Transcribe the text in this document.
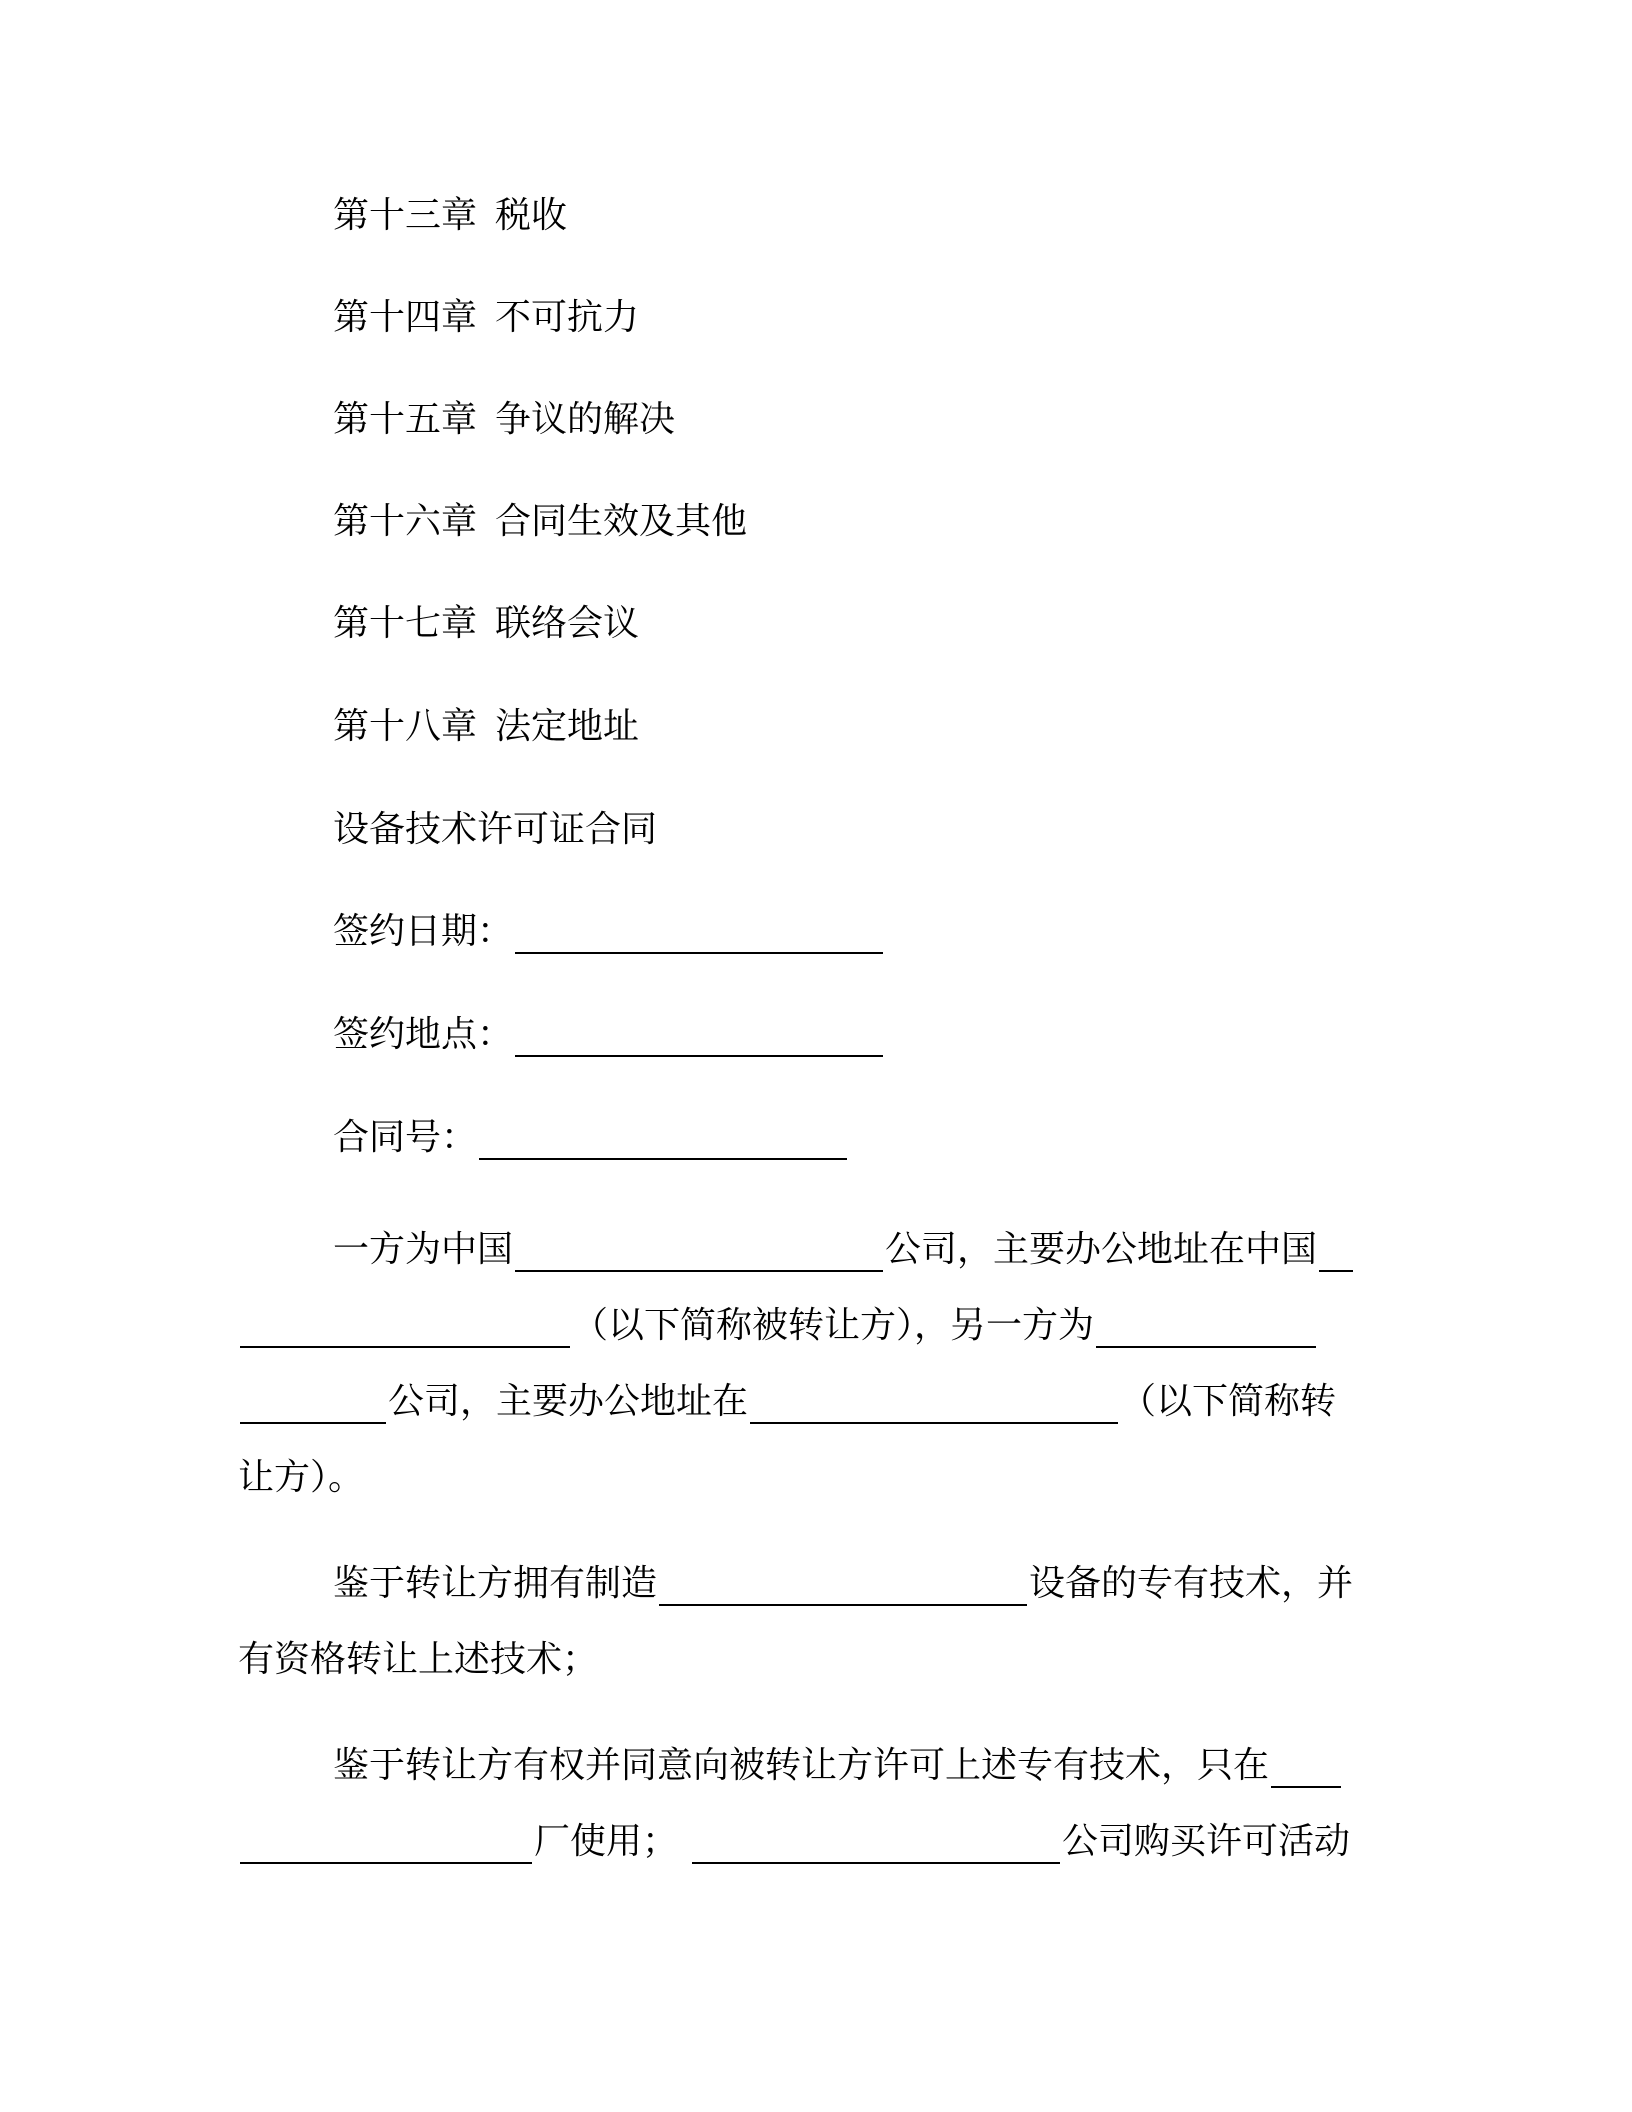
第十三章 税收
第十四章 不可抗力
第十五章 争议的解决
第十六章 合同生效及其他
第十七章 联络会议
第十八章 法定地址
设备技术许可证合同
签约日期：
签约地点：
合同号：
一方为中国	公司，主要办公地址在中国
（以下简称被转让方），另一方为
公司，主要办公地址在	（以下简称转
让方）。
鉴于转让方拥有制造	设备的专有技术，并
有资格转让上述技术；
鉴于转让方有权并同意向被转让方许可上述专有技术，只在
厂使用；	公司购买许可活动
